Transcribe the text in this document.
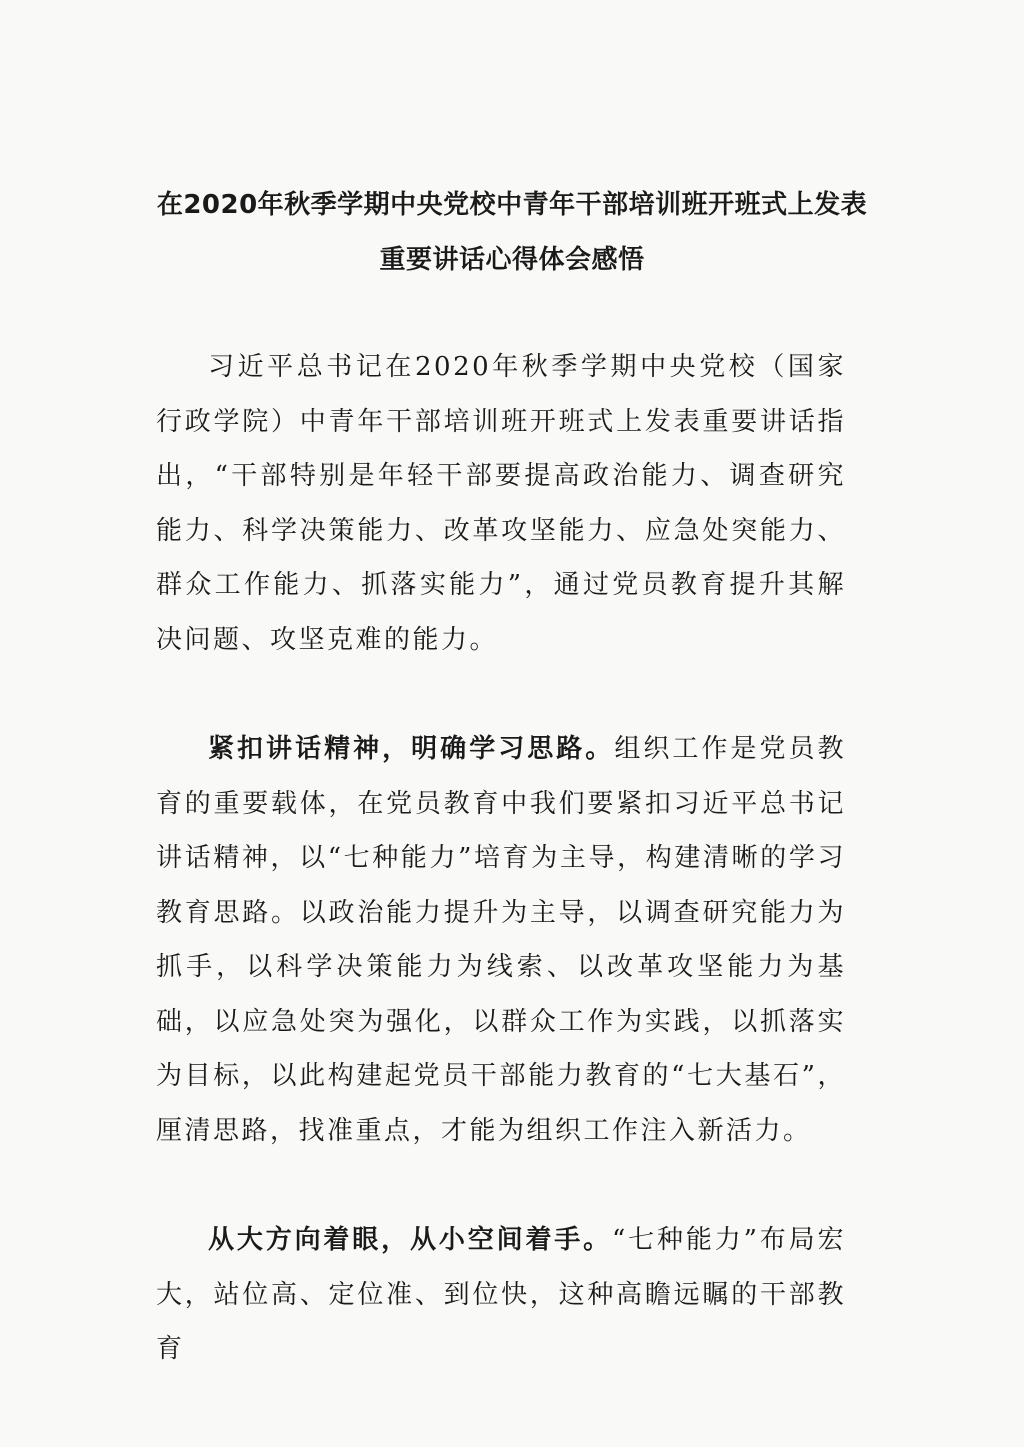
在2020年秋季学期中央党校中青年干部培训班开班式上发表重要讲话心得体会感悟

习近平总书记在2020年秋季学期中央党校（国家行政学院）中青年干部培训班开班式上发表重要讲话指出，“干部特别是年轻干部要提高政治能力、调查研究能力、科学决策能力、改革攻坚能力、应急处突能力、群众工作能力、抓落实能力”，通过党员教育提升其解决问题、攻坚克难的能力。

紧扣讲话精神，明确学习思路。组织工作是党员教育的重要载体，在党员教育中我们要紧扣习近平总书记讲话精神，以“七种能力”培育为主导，构建清晰的学习教育思路。以政治能力提升为主导，以调查研究能力为抓手，以科学决策能力为线索、以改革攻坚能力为基础，以应急处突为强化，以群众工作为实践，以抓落实为目标，以此构建起党员干部能力教育的“七大基石”，厘清思路，找准重点，才能为组织工作注入新活力。

从大方向着眼，从小空间着手。“七种能力”布局宏大，站位高、定位准、到位快，这种高瞻远瞩的干部教育
